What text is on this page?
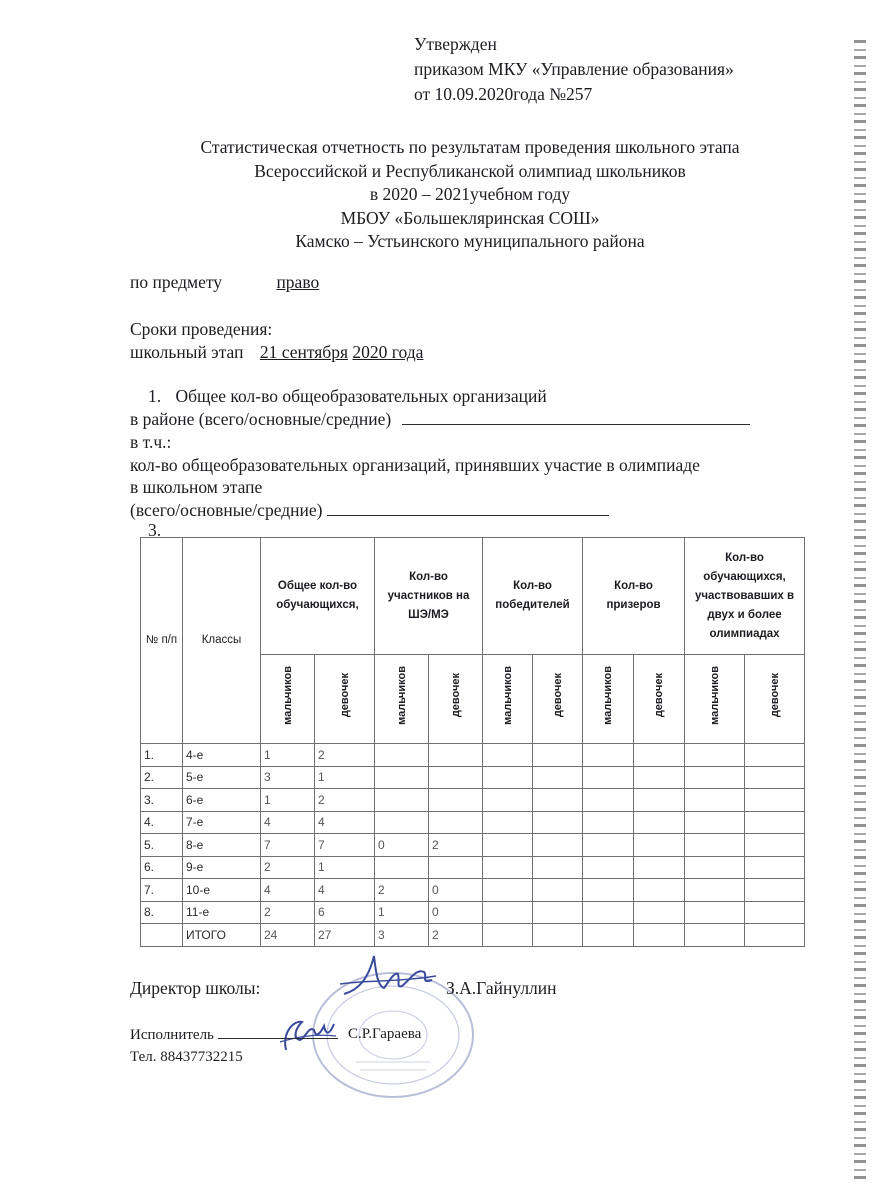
Утвержден
приказом МКУ «Управление образования»
от 10.09.2020года №257
Статистическая отчетность по результатам проведения школьного этапа
Всероссийской и Республиканской олимпиад школьников
в 2020 – 2021учебном году
МБОУ «Большекляринская СОШ»
Камско – Устьинского муниципального района
по предмету	право
Сроки проведения:
школьный этап 21 сентября 2020 года
1. Общее кол-во общеобразовательных организаций
в районе (всего/основные/средние)
в т.ч.:
кол-во общеобразовательных организаций, принявших участие в олимпиаде
в школьном этапе
(всего/основные/средние)
3.
№ п/п	Классы	Общее кол-во обучающихся,		Кол-во участников на ШЭ/МЭ		Кол-во победителей		Кол-во призеров		Кол-во обучающихся, участвовавших в двух и более олимпиадах	
		мальчиков	девочек	мальчиков	девочек	мальчиков	девочек	мальчиков	девочек	мальчиков	девочек
1.	4-е	1	2								
2.	5-е	3	1								
3.	6-е	1	2								
4.	7-е	4	4								
5.	8-е	7	7	0	2						
6.	9-е	2	1								
7.	10-е	4	4	2	0						
8.	11-е	2	6	1	0						
	ИТОГО	24	27	3	2						
Директор школы:	З.А.Гайнуллин
Исполнитель	С.Р.Гараева
Тел. 88437732215
